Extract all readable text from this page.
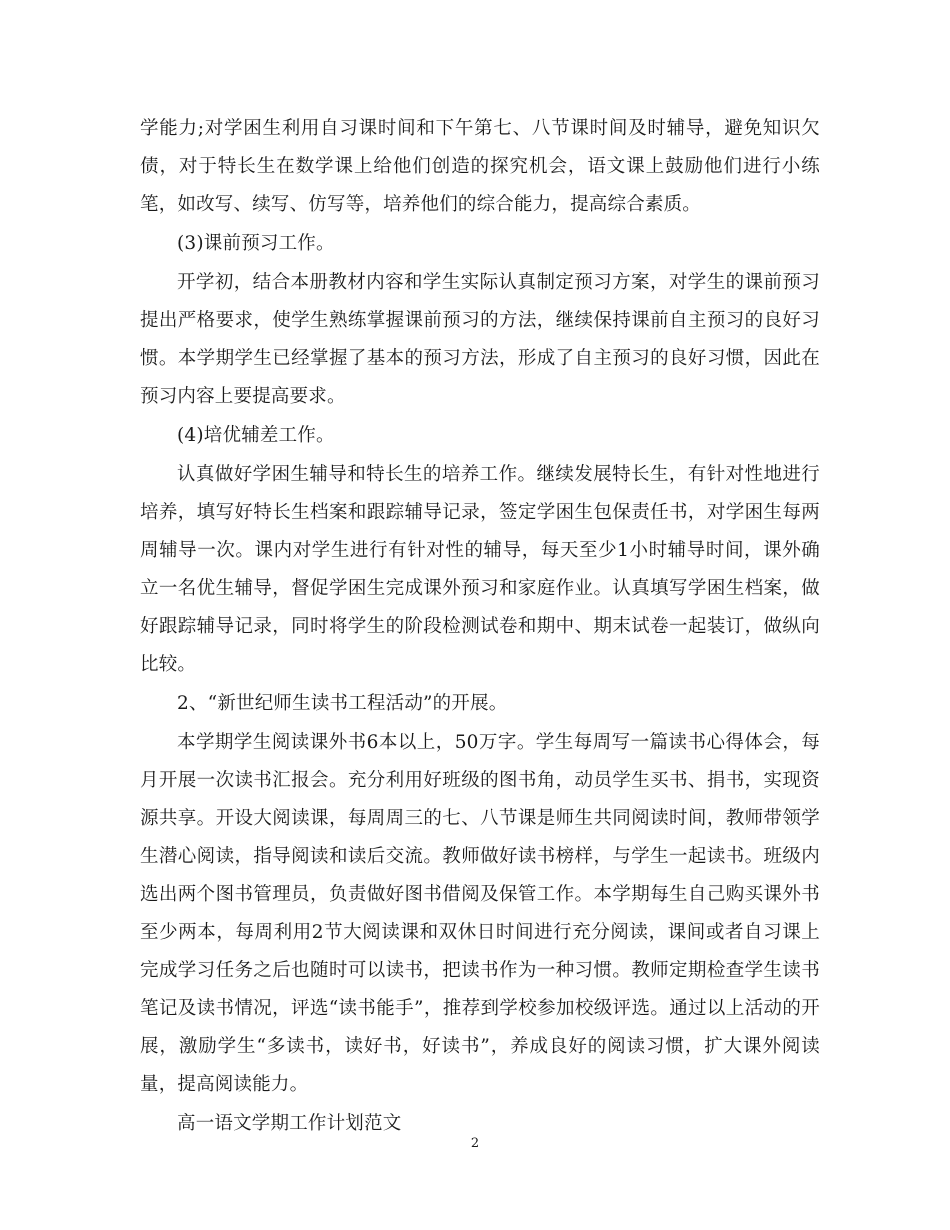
学能力;对学困生利用自习课时间和下午第七、八节课时间及时辅导，避免知识欠债，对于特长生在数学课上给他们创造的探究机会，语文课上鼓励他们进行小练笔，如改写、续写、仿写等，培养他们的综合能力，提高综合素质。

(3)课前预习工作。

开学初，结合本册教材内容和学生实际认真制定预习方案，对学生的课前预习提出严格要求，使学生熟练掌握课前预习的方法，继续保持课前自主预习的良好习惯。本学期学生已经掌握了基本的预习方法，形成了自主预习的良好习惯，因此在预习内容上要提高要求。

(4)培优辅差工作。

认真做好学困生辅导和特长生的培养工作。继续发展特长生，有针对性地进行培养，填写好特长生档案和跟踪辅导记录，签定学困生包保责任书，对学困生每两周辅导一次。课内对学生进行有针对性的辅导，每天至少1小时辅导时间，课外确立一名优生辅导，督促学困生完成课外预习和家庭作业。认真填写学困生档案，做好跟踪辅导记录，同时将学生的阶段检测试卷和期中、期末试卷一起装订，做纵向比较。

2、“新世纪师生读书工程活动”的开展。

本学期学生阅读课外书6本以上，50万字。学生每周写一篇读书心得体会，每月开展一次读书汇报会。充分利用好班级的图书角，动员学生买书、捐书，实现资源共享。开设大阅读课，每周周三的七、八节课是师生共同阅读时间，教师带领学生潜心阅读，指导阅读和读后交流。教师做好读书榜样，与学生一起读书。班级内选出两个图书管理员，负责做好图书借阅及保管工作。本学期每生自己购买课外书至少两本，每周利用2节大阅读课和双休日时间进行充分阅读，课间或者自习课上完成学习任务之后也随时可以读书，把读书作为一种习惯。教师定期检查学生读书笔记及读书情况，评选“读书能手”，推荐到学校参加校级评选。通过以上活动的开展，激励学生“多读书，读好书，好读书”，养成良好的阅读习惯，扩大课外阅读量，提高阅读能力。

高一语文学期工作计划范文

2
